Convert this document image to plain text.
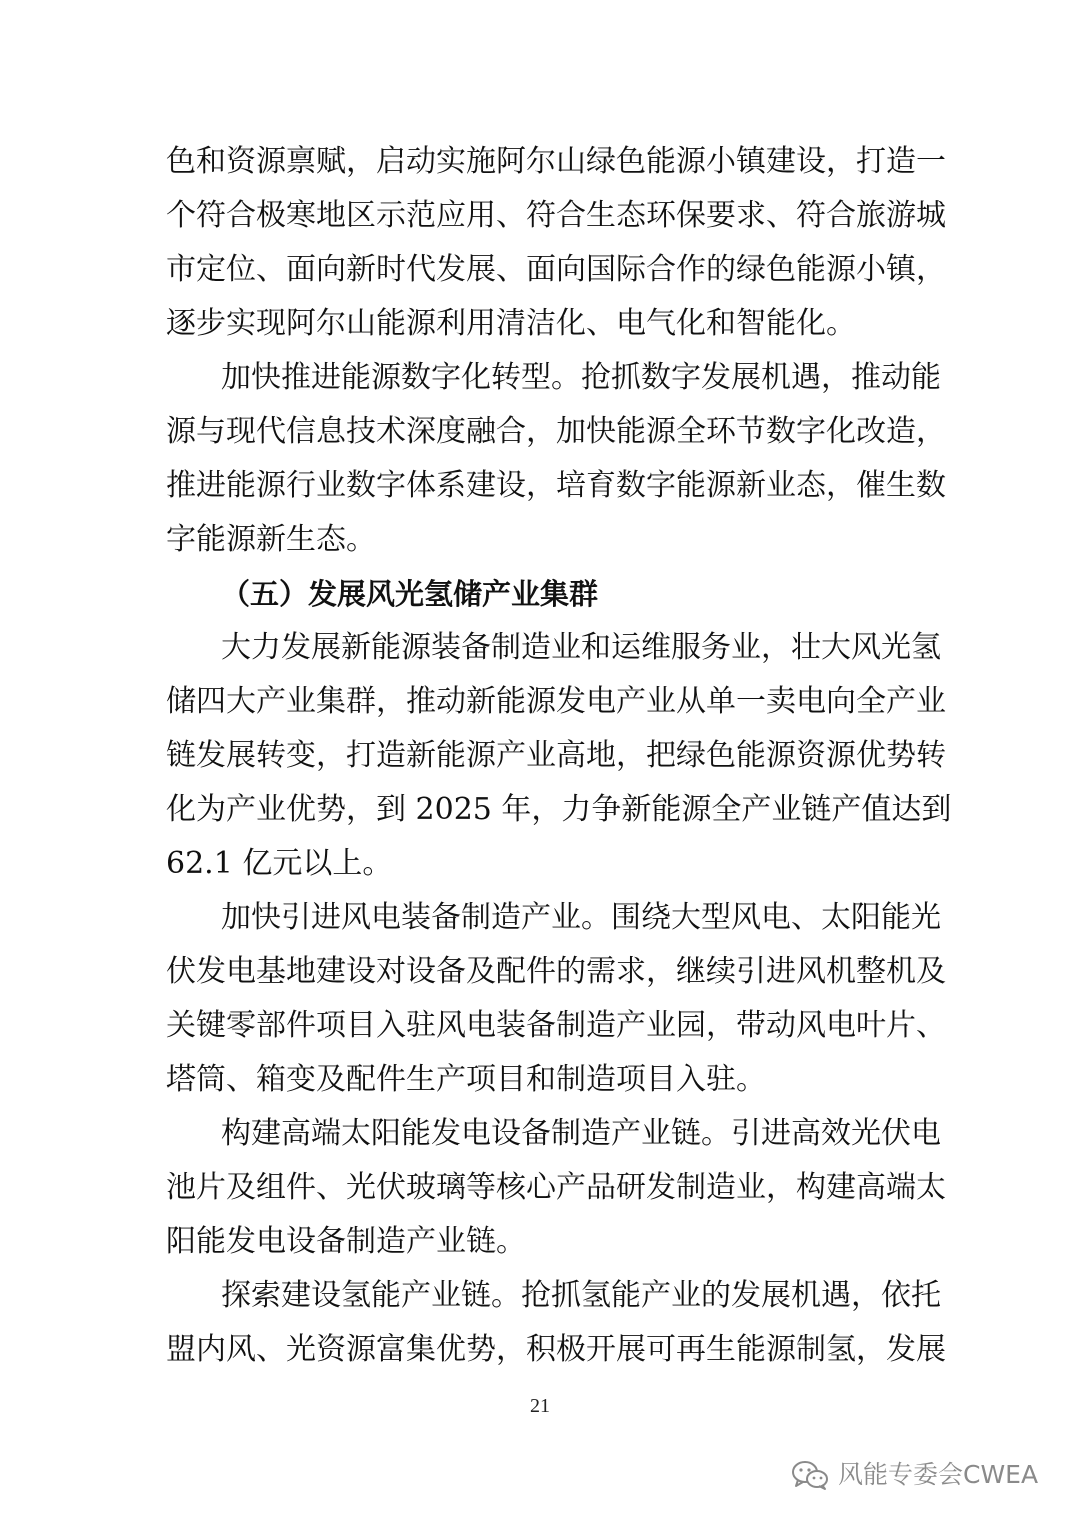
色和资源禀赋，启动实施阿尔山绿色能源小镇建设，打造一
个符合极寒地区示范应用、符合生态环保要求、符合旅游城
市定位、面向新时代发展、面向国际合作的绿色能源小镇，
逐步实现阿尔山能源利用清洁化、电气化和智能化。
加快推进能源数字化转型。抢抓数字发展机遇，推动能
源与现代信息技术深度融合，加快能源全环节数字化改造，
推进能源行业数字体系建设，培育数字能源新业态，催生数
字能源新生态。
（五）发展风光氢储产业集群
大力发展新能源装备制造业和运维服务业，壮大风光氢
储四大产业集群，推动新能源发电产业从单一卖电向全产业
链发展转变，打造新能源产业高地，把绿色能源资源优势转
化为产业优势，到 2025 年，力争新能源全产业链产值达到
62.1 亿元以上。
加快引进风电装备制造产业。围绕大型风电、太阳能光
伏发电基地建设对设备及配件的需求，继续引进风机整机及
关键零部件项目入驻风电装备制造产业园，带动风电叶片、
塔筒、箱变及配件生产项目和制造项目入驻。
构建高端太阳能发电设备制造产业链。引进高效光伏电
池片及组件、光伏玻璃等核心产品研发制造业，构建高端太
阳能发电设备制造产业链。
探索建设氢能产业链。抢抓氢能产业的发展机遇，依托
盟内风、光资源富集优势，积极开展可再生能源制氢，发展
21
风能专委会CWEA
